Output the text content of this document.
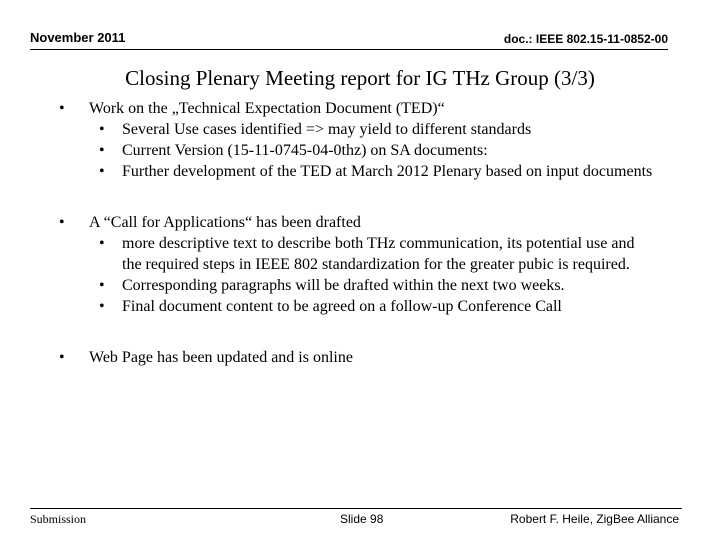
November 2011	doc.: IEEE 802.15-11-0852-00
Closing Plenary Meeting report for IG THz Group (3/3)
• Work on the „Technical Expectation Document (TED)“
• Several Use cases identified => may yield to different standards
• Current Version (15-11-0745-04-0thz) on SA documents:
• Further development of the TED at March 2012 Plenary based on input documents
• A “Call for Applications“ has been drafted
• more descriptive text to describe both THz communication, its potential use and the required steps in IEEE 802 standardization for the greater pubic is required.
• Corresponding paragraphs will be drafted within the next two weeks.
• Final document content to be agreed on a follow-up Conference Call
• Web Page has been updated and is online
Submission	Slide 98	Robert F. Heile, ZigBee Alliance
